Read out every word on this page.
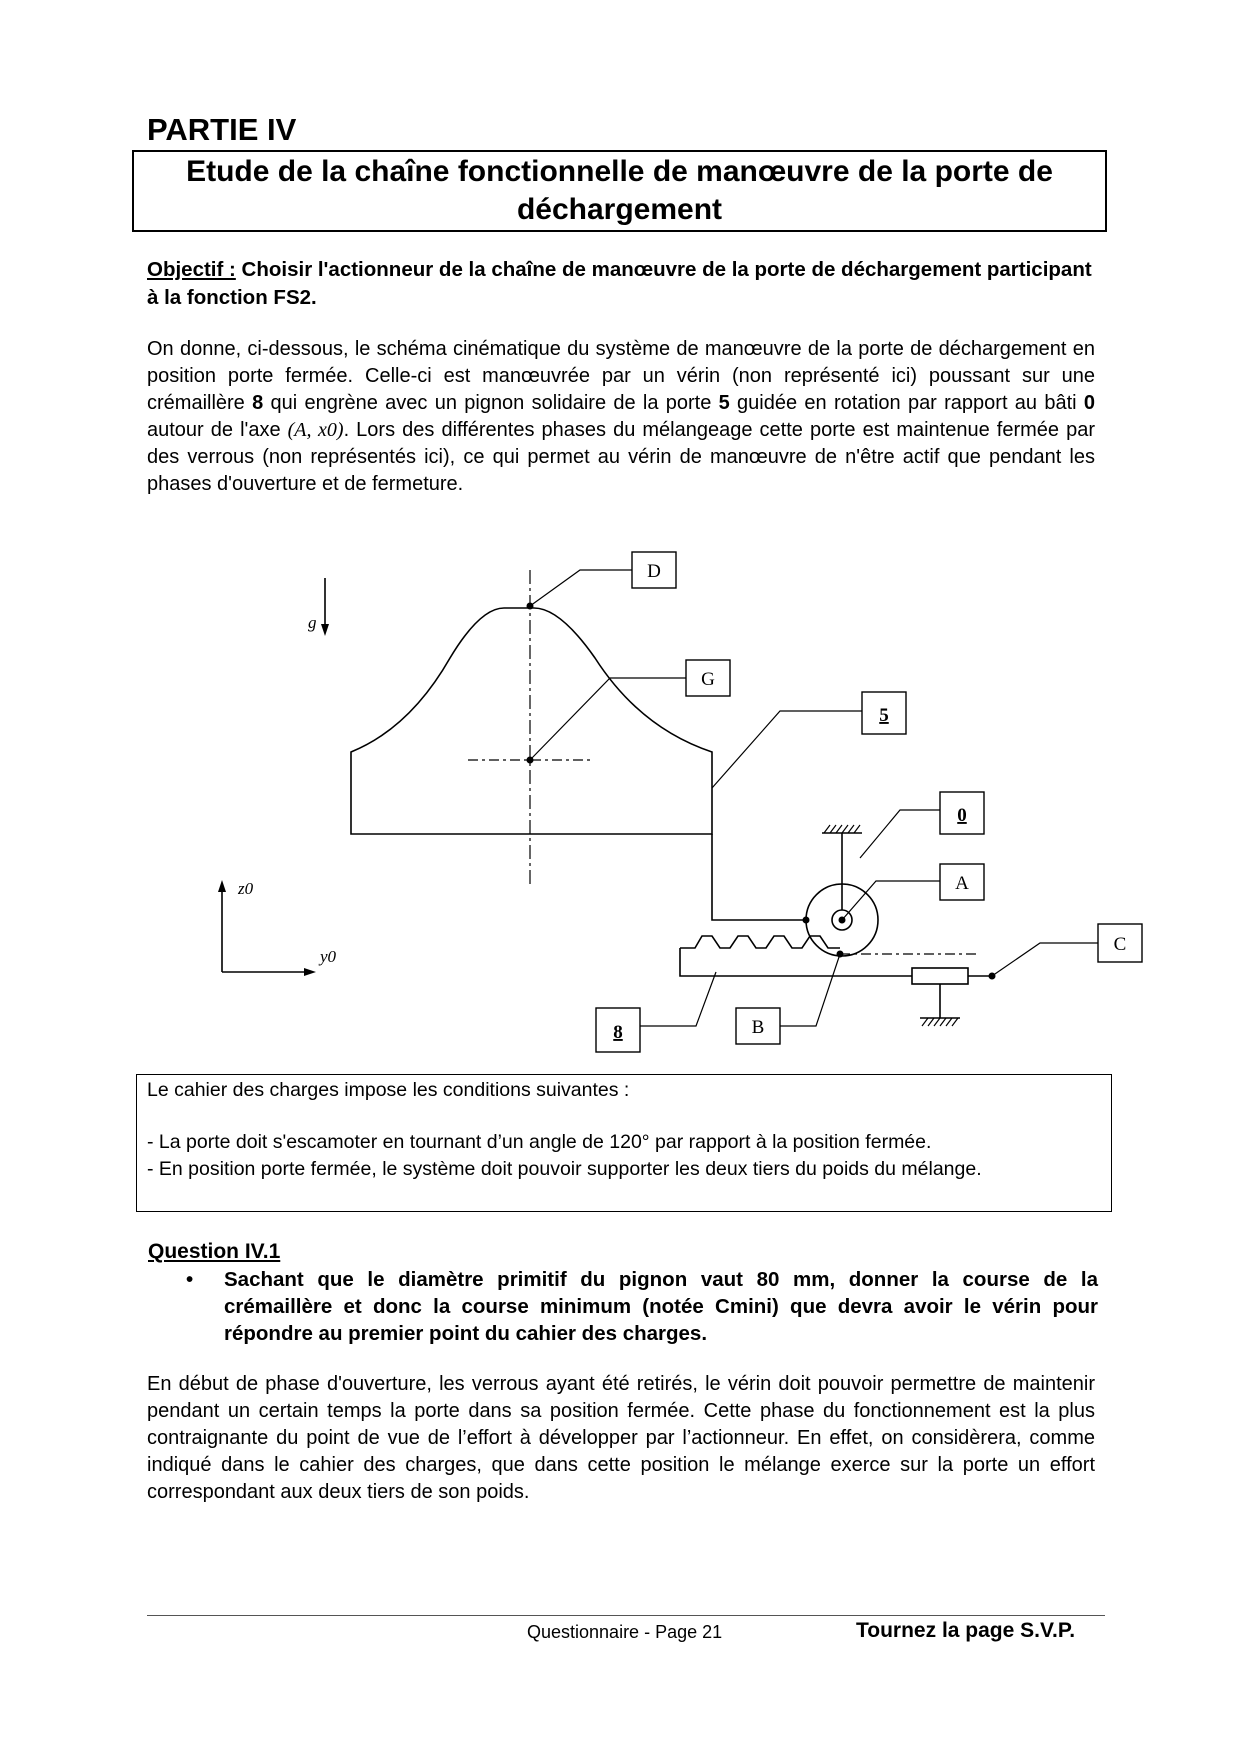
PARTIE IV
Etude de la chaîne fonctionnelle de manœuvre de la porte de déchargement

Objectif : Choisir l'actionneur de la chaîne de manœuvre de la porte de déchargement participant à la fonction FS2.

On donne, ci-dessous, le schéma cinématique du système de manœuvre de la porte de déchargement en position porte fermée. Celle-ci est manœuvrée par un vérin (non représenté ici) poussant sur une crémaillère 8 qui engrène avec un pignon solidaire de la porte 5 guidée en rotation par rapport au bâti 0 autour de l'axe (A, x0). Lors des différentes phases du mélangeage cette porte est maintenue fermée par des verrous (non représentés ici), ce qui permet au vérin de manœuvre de n'être actif que pendant les phases d'ouverture et de fermeture.

D
G
5
0
A
C
B
8
g
z0
y0

Le cahier des charges impose les conditions suivantes :

- La porte doit s'escamoter en tournant d’un angle de 120° par rapport à la position fermée.

- En position porte fermée, le système doit pouvoir supporter les deux tiers du poids du mélange.

Question IV.1

• Sachant que le diamètre primitif du pignon vaut 80 mm, donner la course de la crémaillère et donc la course minimum (notée Cmini) que devra avoir le vérin pour répondre au premier point du cahier des charges.

En début de phase d'ouverture, les verrous ayant été retirés, le vérin doit pouvoir permettre de maintenir pendant un certain temps la porte dans sa position fermée. Cette phase du fonctionnement est la plus contraignante du point de vue de l’effort à développer par l’actionneur. En effet, on considèrera, comme indiqué dans le cahier des charges, que dans cette position le mélange exerce sur la porte un effort correspondant aux deux tiers de son poids.

Questionnaire - Page 21	Tournez la page S.V.P.
